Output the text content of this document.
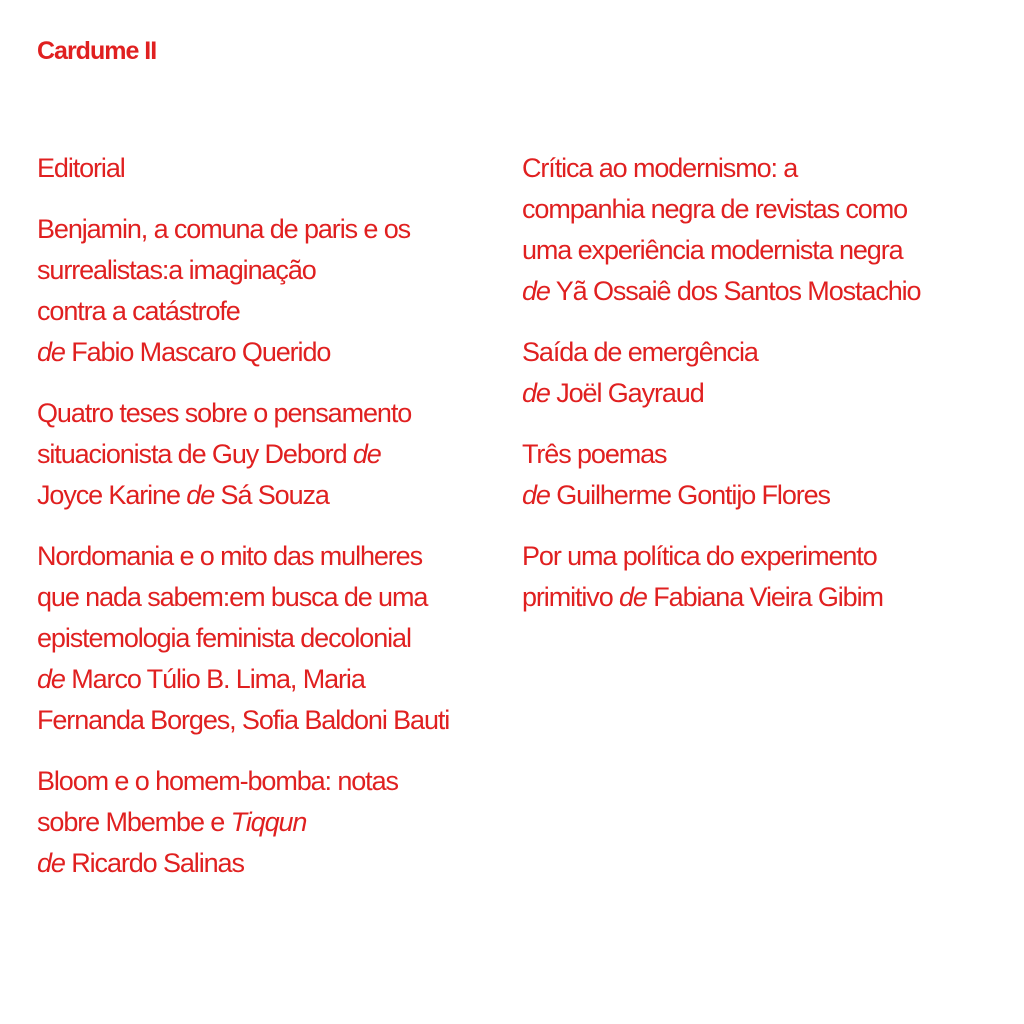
Cardume II

Editorial

Benjamin, a comuna de paris e os
surrealistas:a imaginação
contra a catástrofe
de Fabio Mascaro Querido

Quatro teses sobre o pensamento
situacionista de Guy Debord de
Joyce Karine de Sá Souza

Nordomania e o mito das mulheres
que nada sabem:em busca de uma
epistemologia feminista decolonial
de Marco Túlio B. Lima, Maria
Fernanda Borges, Sofia Baldoni Bauti

Bloom e o homem-bomba: notas
sobre Mbembe e Tiqqun
de Ricardo Salinas

Crítica ao modernismo: a
companhia negra de revistas como
uma experiência modernista negra
de Yã Ossaiê dos Santos Mostachio

Saída de emergência
de Joël Gayraud

Três poemas
de Guilherme Gontijo Flores

Por uma política do experimento
primitivo de Fabiana Vieira Gibim
